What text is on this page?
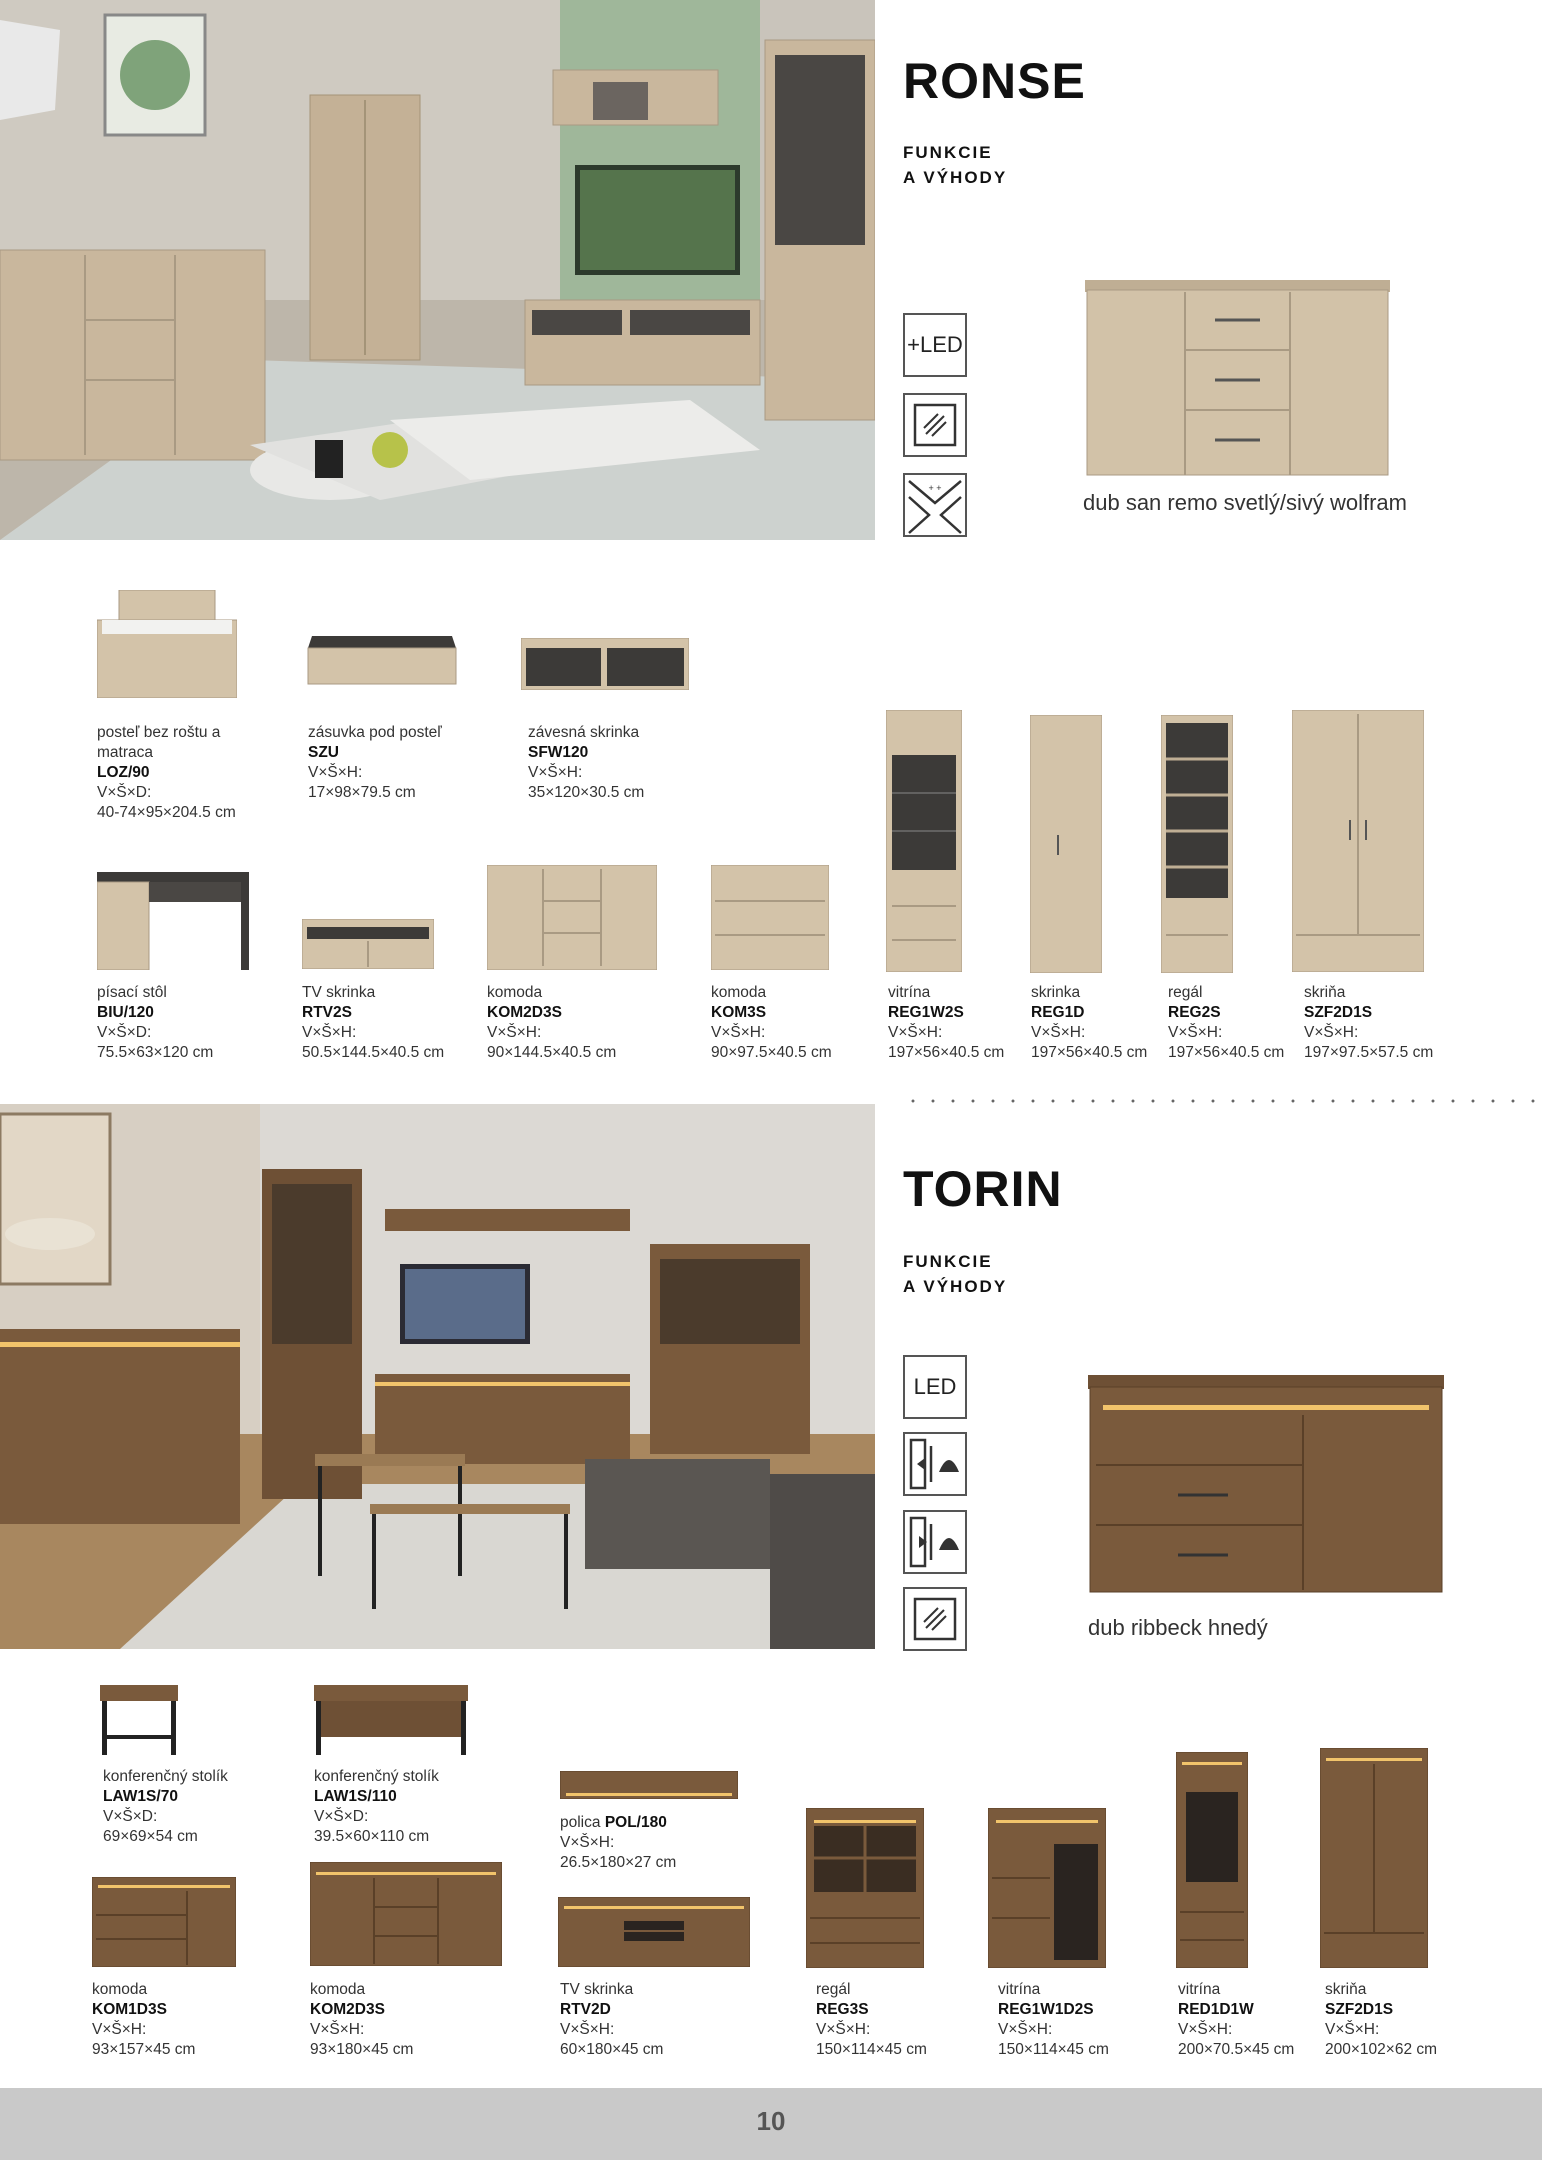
RONSE
FUNKCIE
A VÝHODY
+LED
+ +
dub san remo svetlý/sivý wolfram
posteľ bez roštu a
matraca
LOZ/90
V×Š×D:
40-74×95×204.5 cm
zásuvka pod posteľ
SZU
V×Š×H:
17×98×79.5 cm
závesná skrinka
SFW120
V×Š×H:
35×120×30.5 cm
písací stôl
BIU/120
V×Š×D:
75.5×63×120 cm
TV skrinka
RTV2S
V×Š×H:
50.5×144.5×40.5 cm
komoda
KOM2D3S
V×Š×H:
90×144.5×40.5 cm
komoda
KOM3S
V×Š×H:
90×97.5×40.5 cm
vitrína
REG1W2S
V×Š×H:
197×56×40.5 cm
skrinka
REG1D
V×Š×H:
197×56×40.5 cm
regál
REG2S
V×Š×H:
197×56×40.5 cm
skriňa
SZF2D1S
V×Š×H:
197×97.5×57.5 cm
TORIN
FUNKCIE
A VÝHODY
LED
dub ribbeck hnedý
konferenčný stolík
LAW1S/70
V×Š×D:
69×69×54 cm
konferenčný stolík
LAW1S/110
V×Š×D:
39.5×60×110 cm
polica POL/180
V×Š×H:
26.5×180×27 cm
komoda
KOM1D3S
V×Š×H:
93×157×45 cm
komoda
KOM2D3S
V×Š×H:
93×180×45 cm
TV skrinka
RTV2D
V×Š×H:
60×180×45 cm
regál
REG3S
V×Š×H:
150×114×45 cm
vitrína
REG1W1D2S
V×Š×H:
150×114×45 cm
vitrína
RED1D1W
V×Š×H:
200×70.5×45 cm
skriňa
SZF2D1S
V×Š×H:
200×102×62 cm
10
